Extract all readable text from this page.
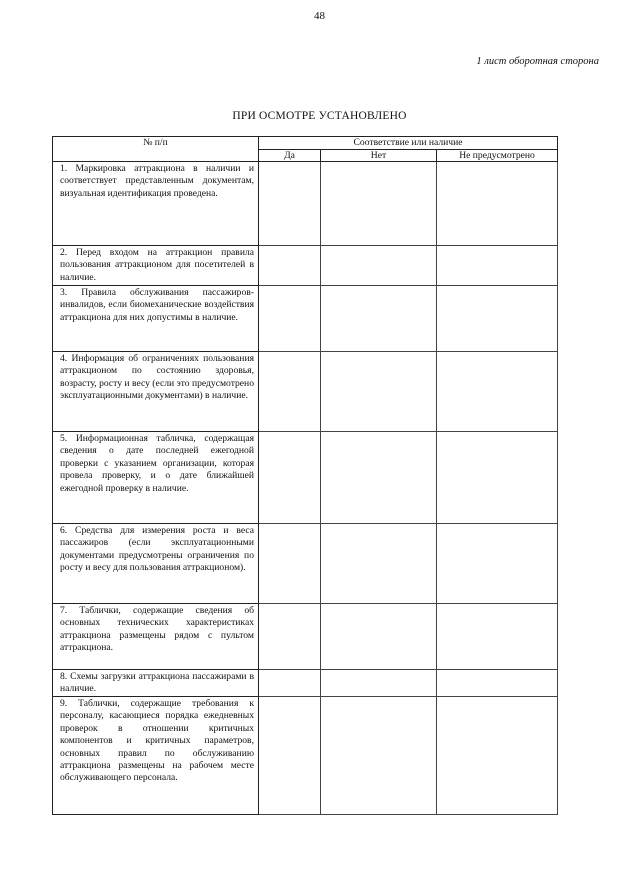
48
1 лист оборотная сторона
ПРИ ОСМОТРЕ УСТАНОВЛЕНО
№ п/п	Соответствие или наличие		
	Да	Нет	Не предусмотрено
1. Маркировка аттракциона в наличии и соответствует представленным документам, визуальная идентификация проведена.			
2. Перед входом на аттракцион правила пользования аттракционом для посетителей в наличие.			
3. Правила обслуживания пассажиров-инвалидов, если биомеханические воздействия аттракциона для них допустимы в наличие.			
4. Информация об ограничениях пользования аттракционом по состоянию здоровья, возрасту, росту и весу (если это предусмотрено эксплуатационными документами) в наличие.			
5. Информационная табличка, содержащая сведения о дате последней ежегодной проверки с указанием организации, которая провела проверку, и о дате ближайшей ежегодной проверку в наличие.			
6. Средства для измерения роста и веса пассажиров (если эксплуатационными документами предусмотрены ограничения по росту и весу для пользования аттракционом).			
7. Таблички, содержащие сведения об основных технических характеристиках аттракциона размещены рядом с пультом аттракциона.			
8. Схемы загрузки аттракциона пассажирами в наличие.			
9. Таблички, содержащие требования к персоналу, касающиеся порядка ежедневных проверок в отношении критичных компонентов и критичных параметров, основных правил по обслуживанию аттракциона размещены на рабочем месте обслуживающего персонала.			
